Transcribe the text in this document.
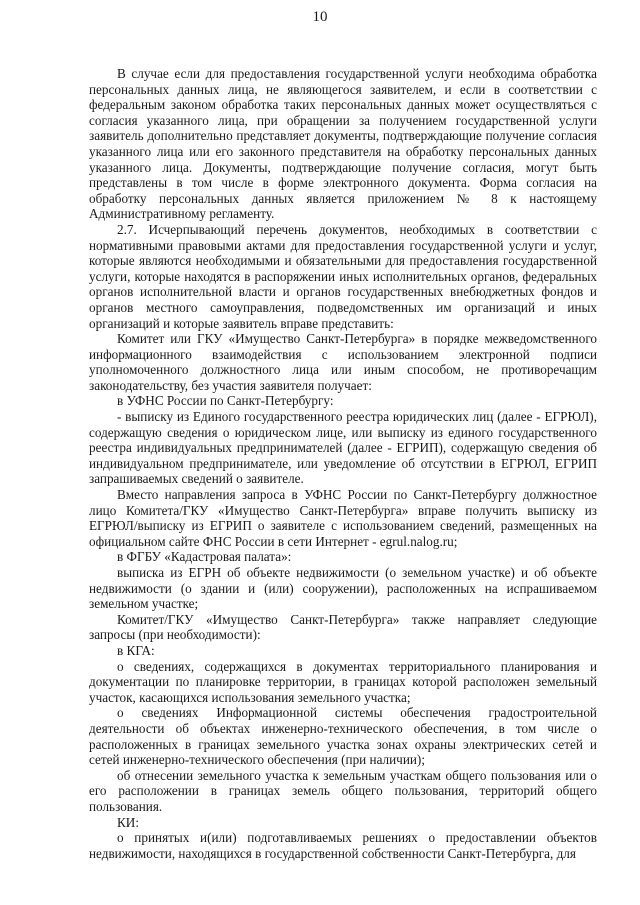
10

В случае если для предоставления государственной услуги необходима обработка персональных данных лица, не являющегося заявителем, и если в соответствии с федеральным законом обработка таких персональных данных может осуществляться с согласия указанного лица, при обращении за получением государственной услуги заявитель дополнительно представляет документы, подтверждающие получение согласия указанного лица или его законного представителя на обработку персональных данных указанного лица. Документы, подтверждающие получение согласия, могут быть представлены в том числе в форме электронного документа. Форма согласия на обработку персональных данных является приложением № 8 к настоящему Административному регламенту.

2.7. Исчерпывающий перечень документов, необходимых в соответствии с нормативными правовыми актами для предоставления государственной услуги и услуг, которые являются необходимыми и обязательными для предоставления государственной услуги, которые находятся в распоряжении иных исполнительных органов, федеральных органов исполнительной власти и органов государственных внебюджетных фондов и органов местного самоуправления, подведомственных им организаций и иных организаций и которые заявитель вправе представить:

Комитет или ГКУ «Имущество Санкт-Петербурга» в порядке межведомственного информационного взаимодействия с использованием электронной подписи уполномоченного должностного лица или иным способом, не противоречащим законодательству, без участия заявителя получает:

в УФНС России по Санкт-Петербургу:

- выписку из Единого государственного реестра юридических лиц (далее - ЕГРЮЛ), содержащую сведения о юридическом лице, или выписку из единого государственного реестра индивидуальных предпринимателей (далее - ЕГРИП), содержащую сведения об индивидуальном предпринимателе, или уведомление об отсутствии в ЕГРЮЛ, ЕГРИП запрашиваемых сведений о заявителе.

Вместо направления запроса в УФНС России по Санкт-Петербургу должностное лицо Комитета/ГКУ «Имущество Санкт-Петербурга» вправе получить выписку из ЕГРЮЛ/выписку из ЕГРИП о заявителе с использованием сведений, размещенных на официальном сайте ФНС России в сети Интернет - egrul.nalog.ru;

в ФГБУ «Кадастровая палата»:

выписка из ЕГРН об объекте недвижимости (о земельном участке) и об объекте недвижимости (о здании и (или) сооружении), расположенных на испрашиваемом земельном участке;

Комитет/ГКУ «Имущество Санкт-Петербурга» также направляет следующие запросы (при необходимости):

в КГА:

о сведениях, содержащихся в документах территориального планирования и документации по планировке территории, в границах которой расположен земельный участок, касающихся использования земельного участка;

о сведениях Информационной системы обеспечения градостроительной деятельности об объектах инженерно-технического обеспечения, в том числе о расположенных в границах земельного участка зонах охраны электрических сетей и сетей инженерно-технического обеспечения (при наличии);

об отнесении земельного участка к земельным участкам общего пользования или о его расположении в границах земель общего пользования, территорий общего пользования.

КИ:

о принятых и(или) подготавливаемых решениях о предоставлении объектов недвижимости, находящихся в государственной собственности Санкт-Петербурга, для
